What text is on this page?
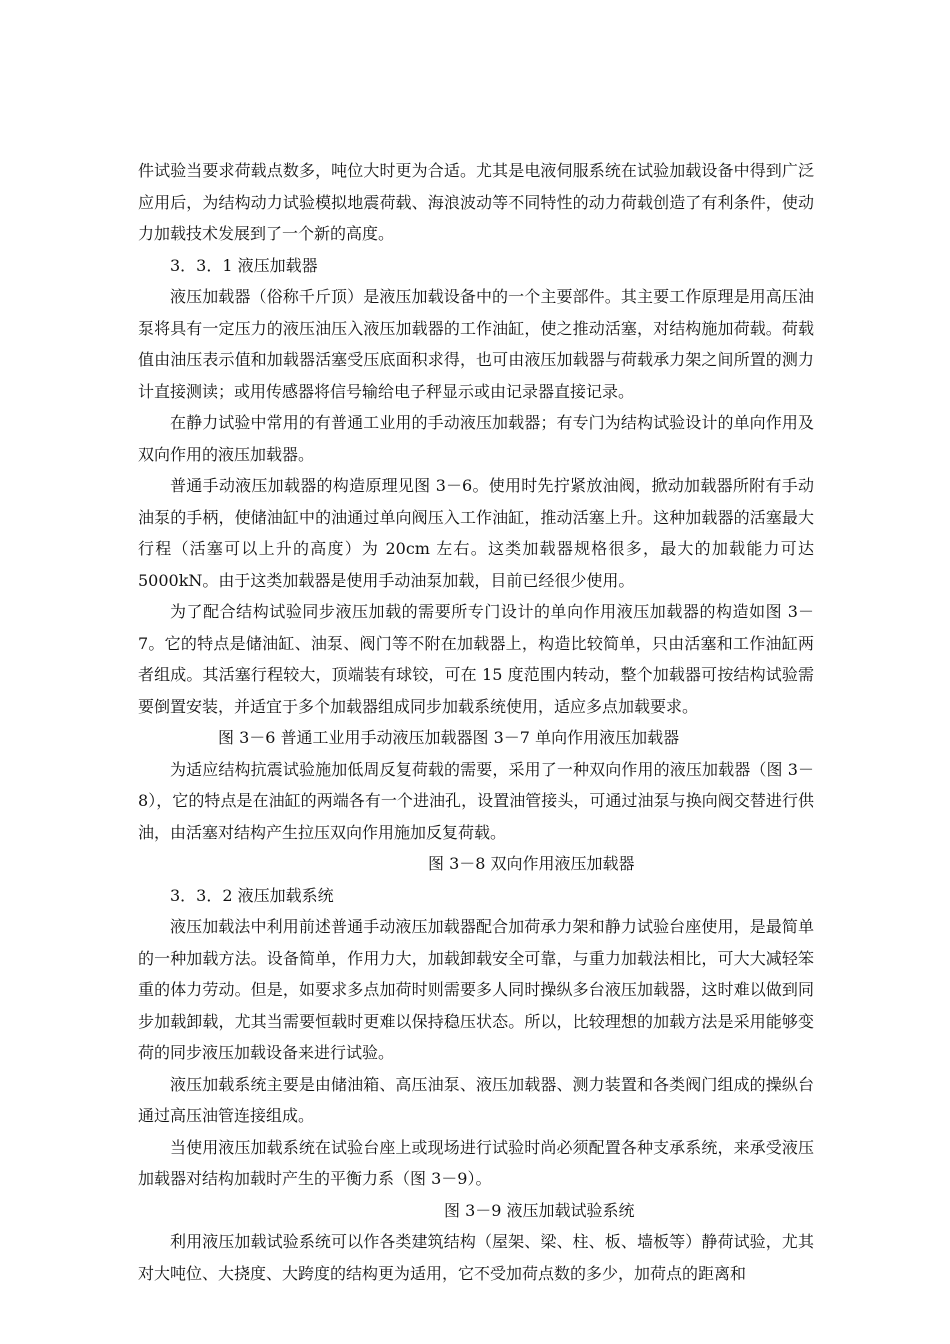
件试验当要求荷载点数多，吨位大时更为合适。尤其是电液伺服系统在试验加载设备中得到广泛应用后，为结构动力试验模拟地震荷载、海浪波动等不同特性的动力荷载创造了有利条件，使动力加载技术发展到了一个新的高度。

3．3．1 液压加载器

液压加载器（俗称千斤顶）是液压加载设备中的一个主要部件。其主要工作原理是用高压油泵将具有一定压力的液压油压入液压加载器的工作油缸，使之推动活塞，对结构施加荷载。荷载值由油压表示值和加载器活塞受压底面积求得，也可由液压加载器与荷载承力架之间所置的测力计直接测读；或用传感器将信号输给电子秤显示或由记录器直接记录。

在静力试验中常用的有普通工业用的手动液压加载器；有专门为结构试验设计的单向作用及双向作用的液压加载器。

普通手动液压加载器的构造原理见图 3－6。使用时先拧紧放油阀，掀动加载器所附有手动油泵的手柄，使储油缸中的油通过单向阀压入工作油缸，推动活塞上升。这种加载器的活塞最大行程（活塞可以上升的高度）为 20cm 左右。这类加载器规格很多，最大的加载能力可达 5000kN。由于这类加载器是使用手动油泵加载，目前已经很少使用。

为了配合结构试验同步液压加载的需要所专门设计的单向作用液压加载器的构造如图 3－7。它的特点是储油缸、油泵、阀门等不附在加载器上，构造比较简单，只由活塞和工作油缸两者组成。其活塞行程较大，顶端装有球铰，可在 15 度范围内转动，整个加载器可按结构试验需要倒置安装，并适宜于多个加载器组成同步加载系统使用，适应多点加载要求。

图 3－6 普通工业用手动液压加载器图 3－7 单向作用液压加载器

为适应结构抗震试验施加低周反复荷载的需要，采用了一种双向作用的液压加载器（图 3－8），它的特点是在油缸的两端各有一个进油孔，设置油管接头，可通过油泵与换向阀交替进行供油，由活塞对结构产生拉压双向作用施加反复荷载。

图 3－8 双向作用液压加载器

3．3．2 液压加载系统

液压加载法中利用前述普通手动液压加载器配合加荷承力架和静力试验台座使用，是最简单的一种加载方法。设备简单，作用力大，加载卸载安全可靠，与重力加载法相比，可大大减轻笨重的体力劳动。但是，如要求多点加荷时则需要多人同时操纵多台液压加载器，这时难以做到同步加载卸载，尤其当需要恒载时更难以保持稳压状态。所以，比较理想的加载方法是采用能够变荷的同步液压加载设备来进行试验。

液压加载系统主要是由储油箱、高压油泵、液压加载器、测力装置和各类阀门组成的操纵台通过高压油管连接组成。

当使用液压加载系统在试验台座上或现场进行试验时尚必须配置各种支承系统，来承受液压加载器对结构加载时产生的平衡力系（图 3－9）。

图 3－9 液压加载试验系统

利用液压加载试验系统可以作各类建筑结构（屋架、梁、柱、板、墙板等）静荷试验，尤其对大吨位、大挠度、大跨度的结构更为适用，它不受加荷点数的多少，加荷点的距离和
